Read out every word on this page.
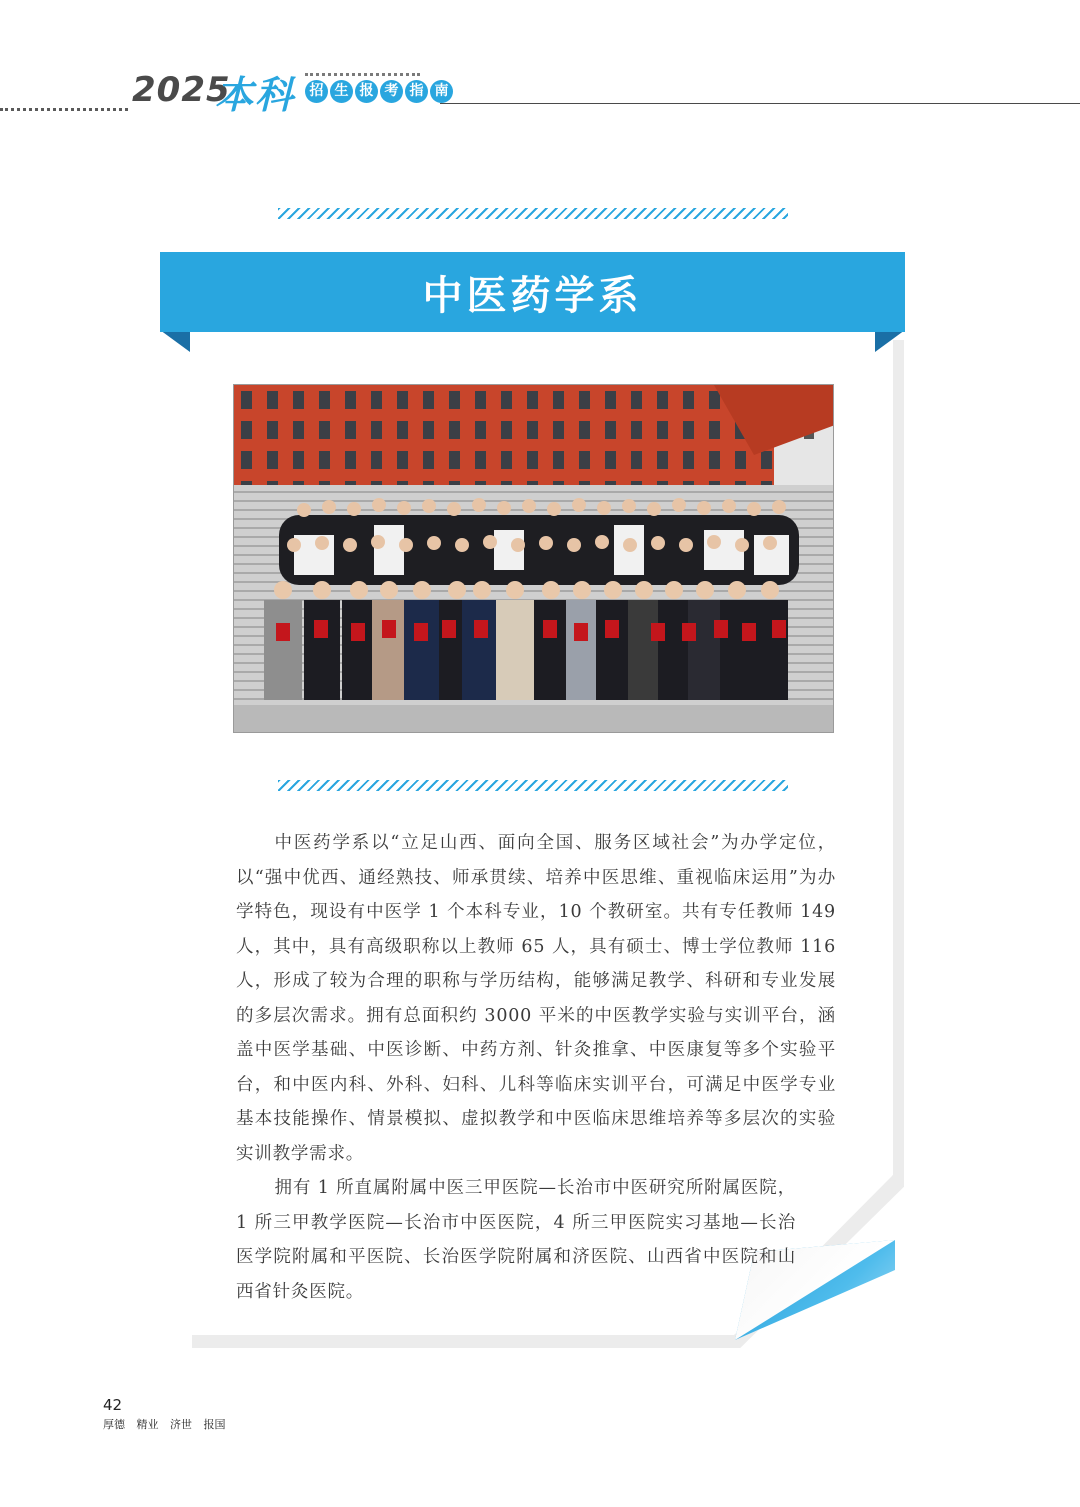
2025
本科	招 生 报 考 指 南
中医药学系

中医药学系以“立足山西、面向全国、服务区域社会”为办学定位，以“强中优西、通经熟技、师承贯续、培养中医思维、重视临床运用”为办学特色，现设有中医学 1 个本科专业，10 个教研室。共有专任教师 149 人，其中，具有高级职称以上教师 65 人，具有硕士、博士学位教师 116 人，形成了较为合理的职称与学历结构，能够满足教学、科研和专业发展的多层次需求。拥有总面积约 3000 平米的中医教学实验与实训平台，涵盖中医学基础、中医诊断、中药方剂、针灸推拿、中医康复等多个实验平台，和中医内科、外科、妇科、儿科等临床实训平台，可满足中医学专业基本技能操作、情景模拟、虚拟教学和中医临床思维培养等多层次的实验实训教学需求。

拥有 1 所直属附属中医三甲医院—长治市中医研究所附属医院，1 所三甲教学医院—长治市中医医院，4 所三甲医院实习基地—长治医学院附属和平医院、长治医学院附属和济医院、山西省中医院和山西省针灸医院。

42
厚德 精业 济世 报国
